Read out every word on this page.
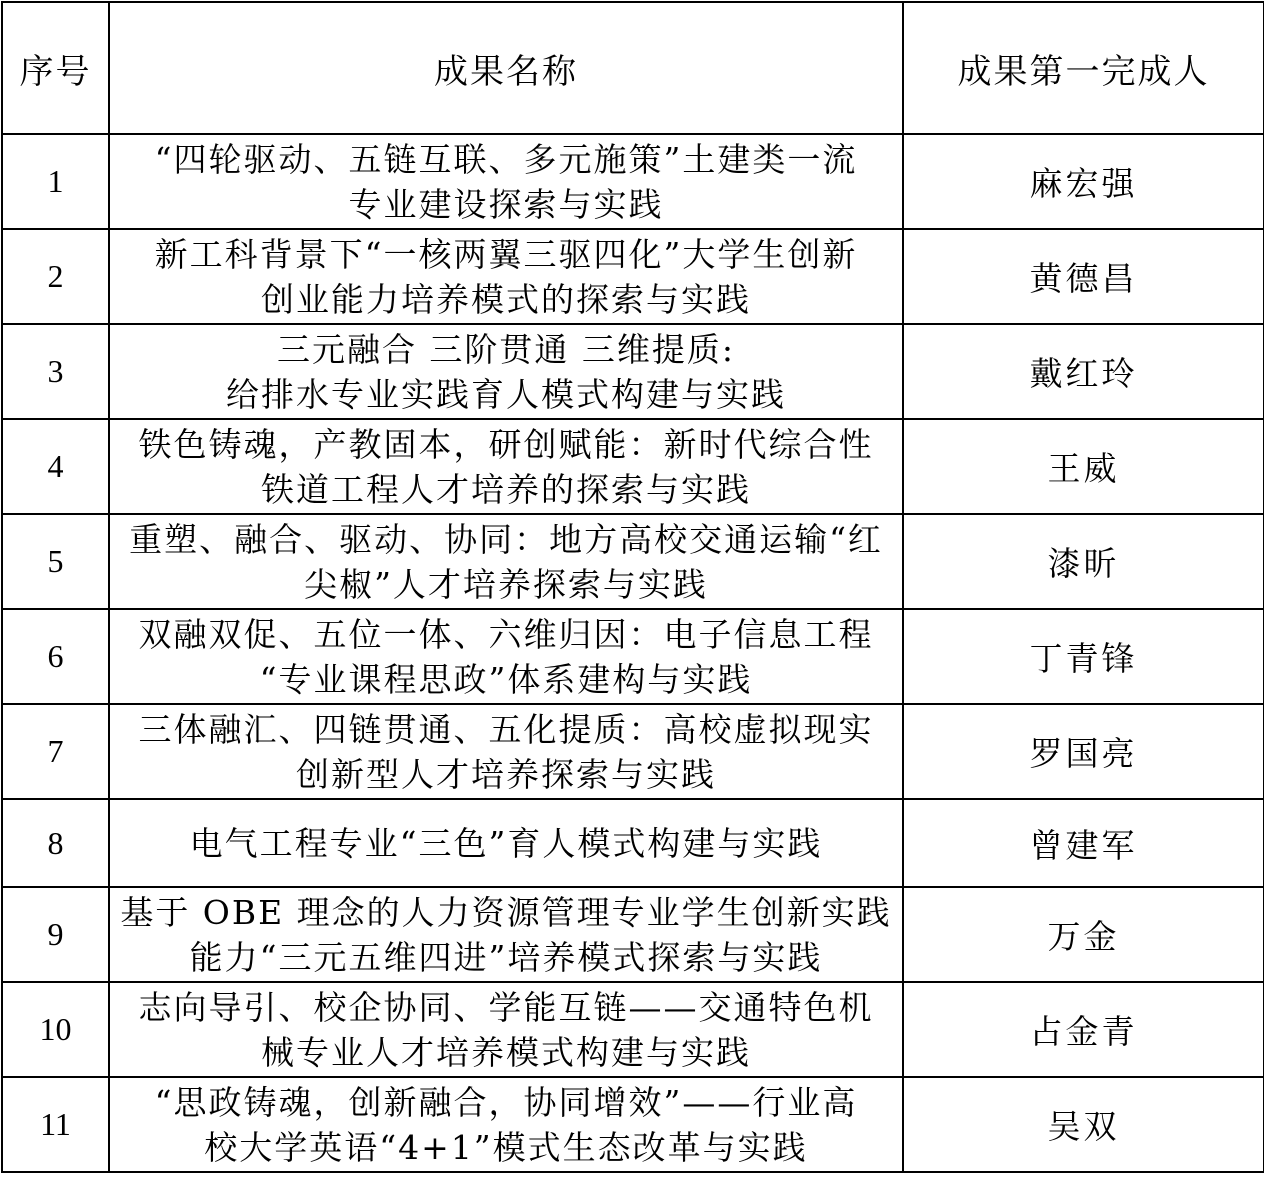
序号	成果名称	成果第一完成人
1	“四轮驱动、五链互联、多元施策”土建类一流
专业建设探索与实践	麻宏强
2	新工科背景下“一核两翼三驱四化”大学生创新
创业能力培养模式的探索与实践	黄德昌
3	三元融合 三阶贯通 三维提质:
给排水专业实践育人模式构建与实践	戴红玲
4	铁色铸魂，产教固本，研创赋能：新时代综合性
铁道工程人才培养的探索与实践	王威
5	重塑、融合、驱动、协同：地方高校交通运输“红
尖椒”人才培养探索与实践	漆昕
6	双融双促、五位一体、六维归因：电子信息工程
“专业课程思政”体系建构与实践	丁青锋
7	三体融汇、四链贯通、五化提质：高校虚拟现实
创新型人才培养探索与实践	罗国亮
8	电气工程专业“三色”育人模式构建与实践	曾建军
9	基于 OBE 理念的人力资源管理专业学生创新实践
能力“三元五维四进”培养模式探索与实践	万金
10	志向导引、校企协同、学能互链——交通特色机
械专业人才培养模式构建与实践	占金青
11	“思政铸魂，创新融合，协同增效”——行业高
校大学英语“4+1”模式生态改革与实践	吴双
